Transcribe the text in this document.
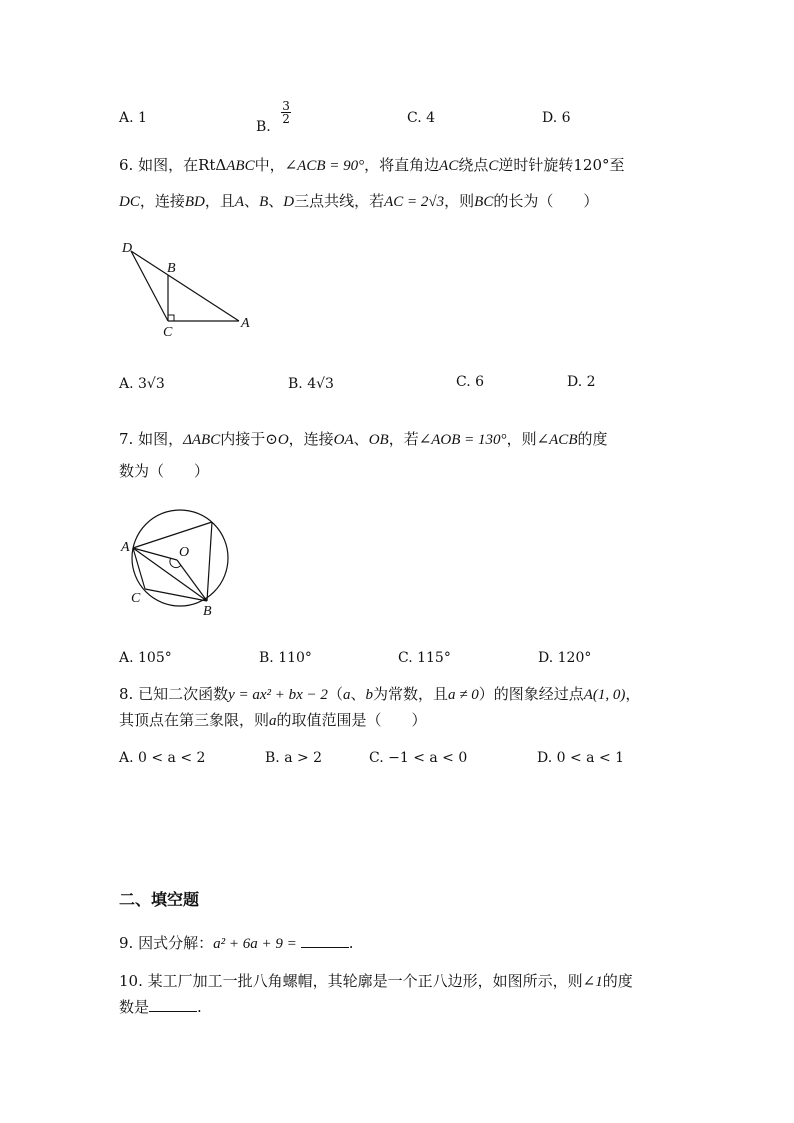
A. 1
B.
$\frac{3}{2}$	C. 4	D. 6
6. 如图，在RtΔABC中，∠ACB = 90°，将直角边AC绕点C逆时针旋转120°至
DC，连接BD，且A、B、D三点共线，若AC = 2√3，则BC的长为（　　）
D
B
C
A
A. 3√3	B. 4√3	C. 6	D. 2
7. 如图，ΔABC内接于⊙O，连接OA、OB，若∠AOB = 130°，则∠ACB的度
数为（　　）
A	O
C
B
A. 105°	B. 110°	C. 115°	D. 120°
8. 已知二次函数y = ax² + bx − 2（a、b为常数，且a ≠ 0）的图象经过点A(1, 0)，
其顶点在第三象限，则a的取值范围是（　　）
A. 0 < a < 2	B. a > 2	C. −1 < a < 0	D. 0 < a < 1
二、填空题
9. 因式分解：a² + 6a + 9 =	.
10. 某工厂加工一批八角螺帽，其轮廓是一个正八边形，如图所示，则∠1的度
数是	.
